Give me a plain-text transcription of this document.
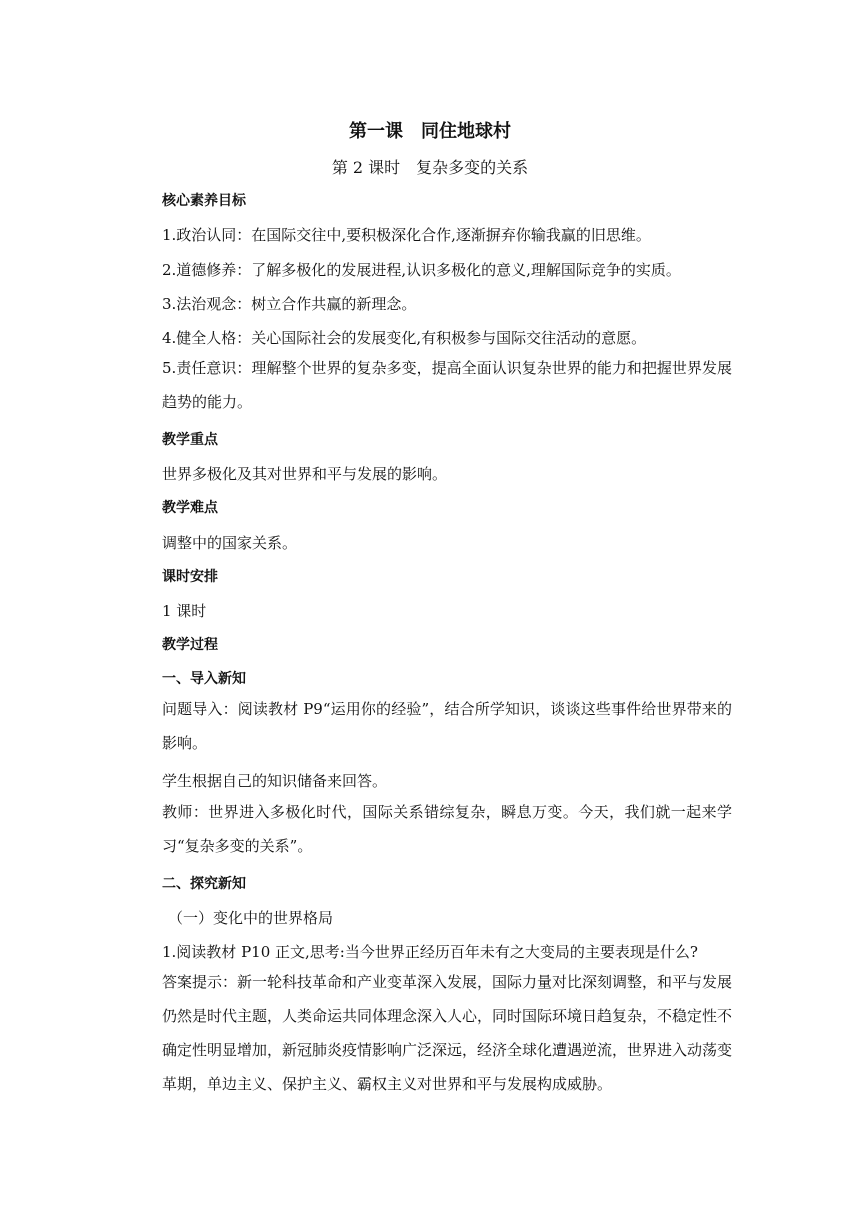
第一课　同住地球村
第 2 课时　复杂多变的关系
核心素养目标
1.政治认同：在国际交往中,要积极深化合作,逐渐摒弃你输我赢的旧思维。
2.道德修养：了解多极化的发展进程,认识多极化的意义,理解国际竞争的实质。
3.法治观念：树立合作共赢的新理念。
4.健全人格：关心国际社会的发展变化,有积极参与国际交往活动的意愿。
5.责任意识：理解整个世界的复杂多变，提高全面认识复杂世界的能力和把握世界发展趋势的能力。
教学重点
世界多极化及其对世界和平与发展的影响。
教学难点
调整中的国家关系。
课时安排
1 课时
教学过程
一、导入新知
问题导入：阅读教材 P9“运用你的经验”，结合所学知识，谈谈这些事件给世界带来的影响。
学生根据自己的知识储备来回答。
教师：世界进入多极化时代，国际关系错综复杂，瞬息万变。今天，我们就一起来学习“复杂多变的关系”。
二、探究新知
（一）变化中的世界格局
1.阅读教材 P10 正文,思考:当今世界正经历百年未有之大变局的主要表现是什么?
答案提示：新一轮科技革命和产业变革深入发展，国际力量对比深刻调整，和平与发展仍然是时代主题，人类命运共同体理念深入人心，同时国际环境日趋复杂，不稳定性不确定性明显增加，新冠肺炎疫情影响广泛深远，经济全球化遭遇逆流，世界进入动荡变革期，单边主义、保护主义、霸权主义对世界和平与发展构成威胁。
